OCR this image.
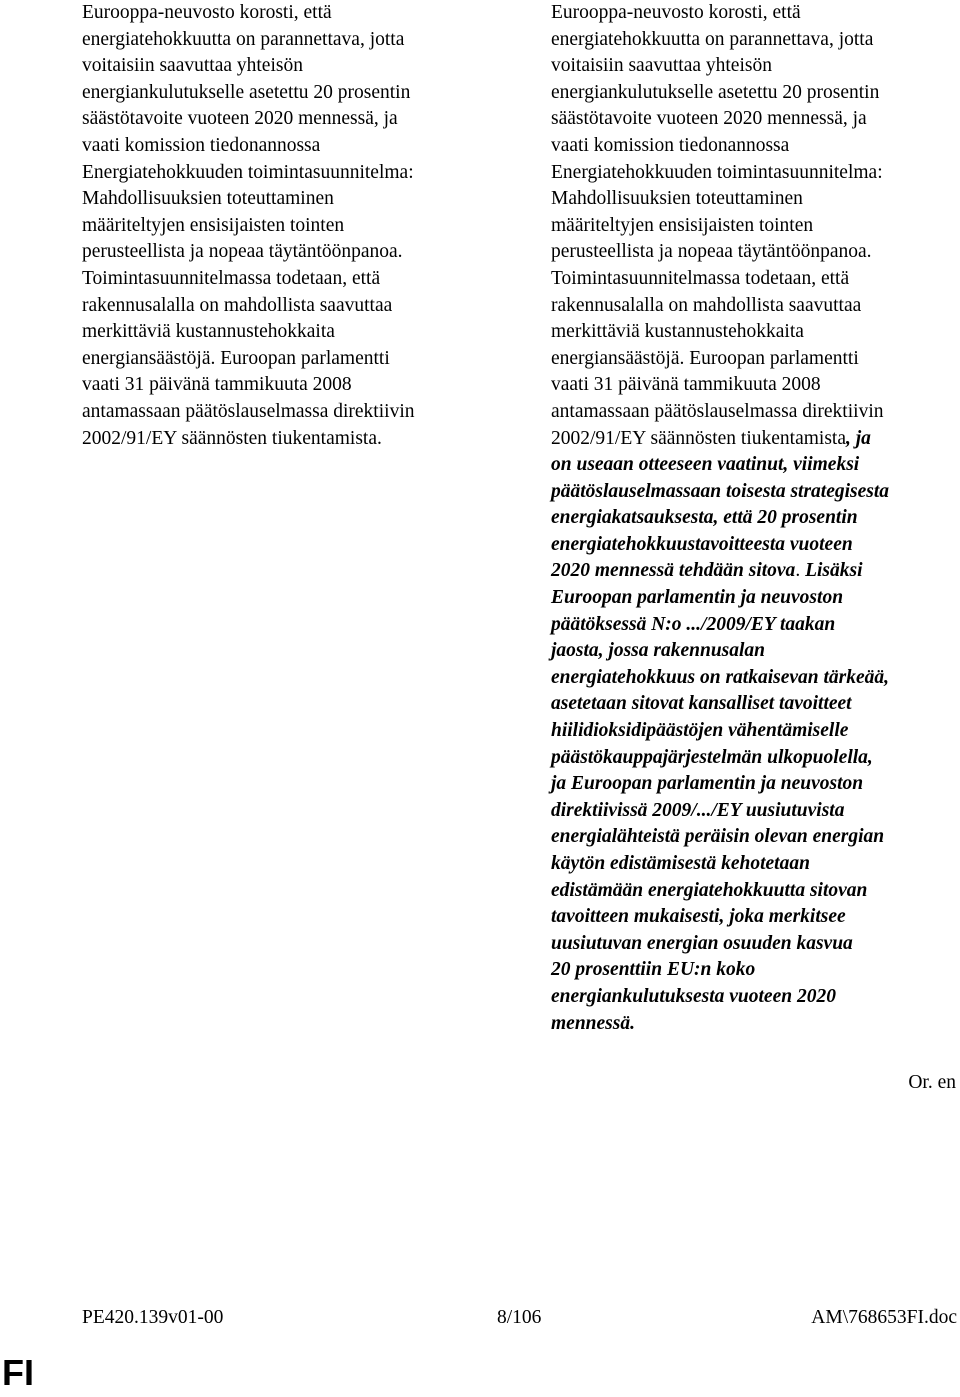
Eurooppa-neuvosto korosti, että
energiatehokkuutta on parannettava, jotta
voitaisiin saavuttaa yhteisön
energiankulutukselle asetettu 20 prosentin
säästötavoite vuoteen 2020 mennessä, ja
vaati komission tiedonannossa
Energiatehokkuuden toimintasuunnitelma:
Mahdollisuuksien toteuttaminen
määriteltyjen ensisijaisten tointen
perusteellista ja nopeaa täytäntöönpanoa.
Toimintasuunnitelmassa todetaan, että
rakennusalalla on mahdollista saavuttaa
merkittäviä kustannustehokkaita
energiansäästöjä. Euroopan parlamentti
vaati 31 päivänä tammikuuta 2008
antamassaan päätöslauselmassa direktiivin
2002/91/EY säännösten tiukentamista.
Eurooppa-neuvosto korosti, että
energiatehokkuutta on parannettava, jotta
voitaisiin saavuttaa yhteisön
energiankulutukselle asetettu 20 prosentin
säästötavoite vuoteen 2020 mennessä, ja
vaati komission tiedonannossa
Energiatehokkuuden toimintasuunnitelma:
Mahdollisuuksien toteuttaminen
määriteltyjen ensisijaisten tointen
perusteellista ja nopeaa täytäntöönpanoa.
Toimintasuunnitelmassa todetaan, että
rakennusalalla on mahdollista saavuttaa
merkittäviä kustannustehokkaita
energiansäästöjä. Euroopan parlamentti
vaati 31 päivänä tammikuuta 2008
antamassaan päätöslauselmassa direktiivin
2002/91/EY säännösten tiukentamista, ja
on useaan otteeseen vaatinut, viimeksi
päätöslauselmassaan toisesta strategisesta
energiakatsauksesta, että 20 prosentin
energiatehokkuustavoitteesta vuoteen
2020 mennessä tehdään sitova. Lisäksi
Euroopan parlamentin ja neuvoston
päätöksessä N:o .../2009/EY taakan
jaosta, jossa rakennusalan
energiatehokkuus on ratkaisevan tärkeää,
asetetaan sitovat kansalliset tavoitteet
hiilidioksidipäästöjen vähentämiselle
päästökauppajärjestelmän ulkopuolella,
ja Euroopan parlamentin ja neuvoston
direktiivissä 2009/.../EY uusiutuvista
energialähteistä peräisin olevan energian
käytön edistämisestä kehotetaan
edistämään energiatehokkuutta sitovan
tavoitteen mukaisesti, joka merkitsee
uusiutuvan energian osuuden kasvua
20 prosenttiin EU:n koko
energiankulutuksesta vuoteen 2020
mennessä.
Or. en
PE420.139v01-00	8/106	AM\768653FI.doc
FI
